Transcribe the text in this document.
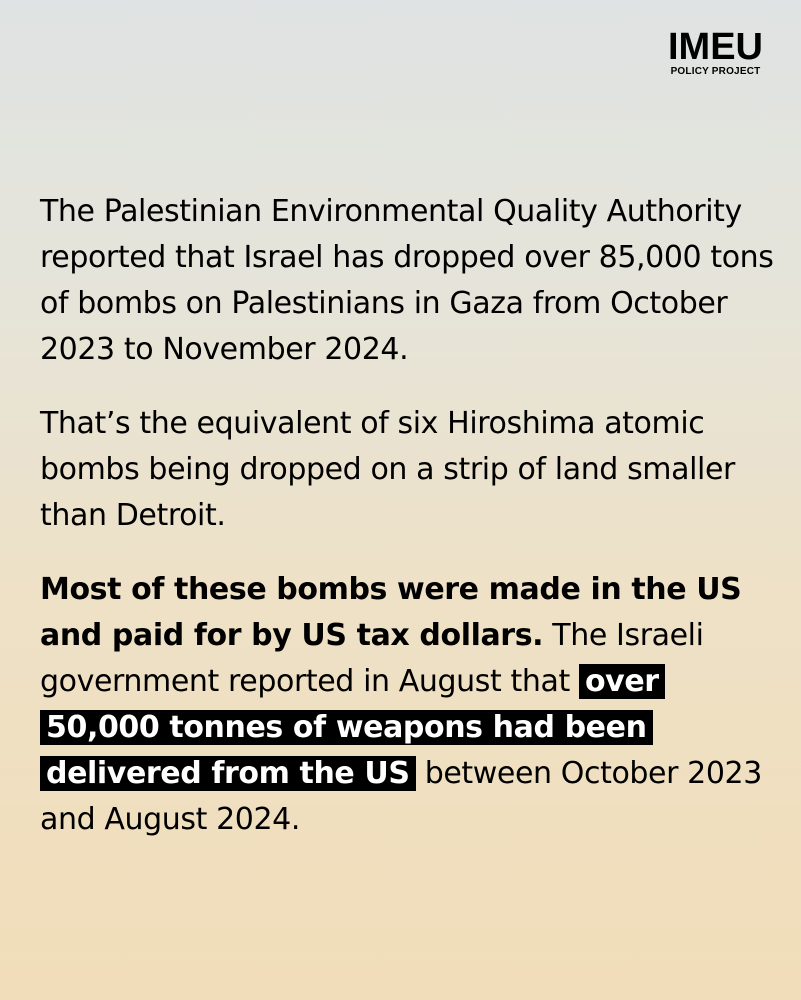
IMEU
POLICY PROJECT

The Palestinian Environmental Quality Authority reported that Israel has dropped over 85,000 tons of bombs on Palestinians in Gaza from October 2023 to November 2024.

That’s the equivalent of six Hiroshima atomic bombs being dropped on a strip of land smaller than Detroit.

Most of these bombs were made in the US and paid for by US tax dollars. The Israeli government reported in August that over 50,000 tonnes of weapons had been delivered from the US between October 2023 and August 2024.
